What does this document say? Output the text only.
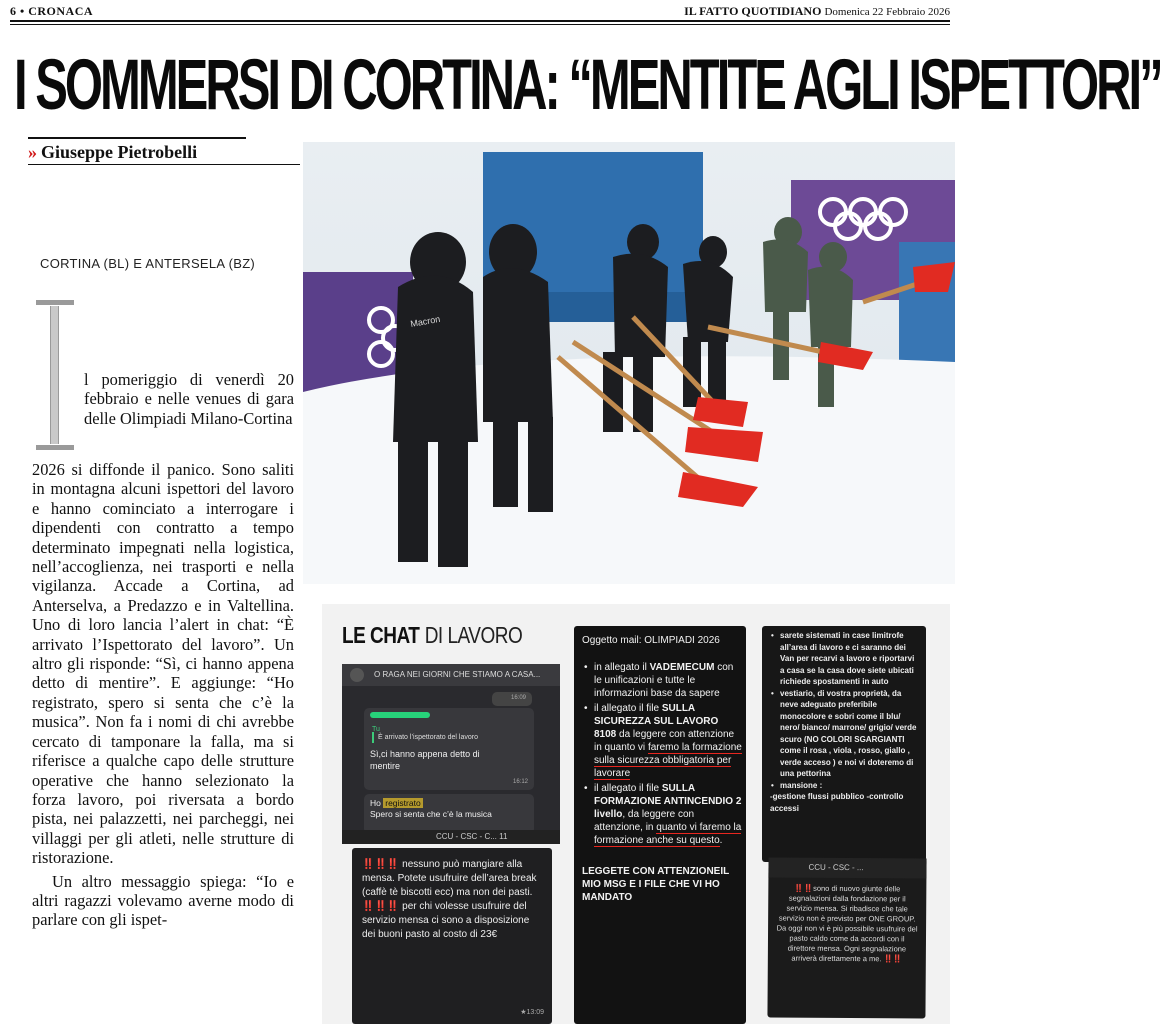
6 • CRONACA	IL FATTO QUOTIDIANO Domenica 22 Febbraio 2026
I SOMMERSI DI CORTINA: “MENTITE AGLI ISPETTORI”
» Giuseppe Pietrobelli
CORTINA (BL) E ANTERSELA (BZ)

l pomeriggio di venerdì 20 febbraio e nelle venues di gara delle Olimpiadi Milano-Cortina

2026 si diffonde il panico. Sono saliti in montagna alcuni ispettori del lavoro e hanno cominciato a interrogare i dipendenti con contratto a tempo determinato impegnati nella logistica, nell’accoglienza, nei trasporti e nella vigilanza. Accade a Cortina, ad Anterselva, a Predazzo e in Valtellina. Uno di loro lancia l’alert in chat: “È arrivato l’Ispettorato del lavoro”. Un altro gli risponde: “Sì, ci hanno appena detto di mentire”. E aggiunge: “Ho registrato, spero si senta che c’è la musica”. Non fa i nomi di chi avrebbe cercato di tamponare la falla, ma si riferisce a qualche capo delle strutture operative che hanno selezionato la forza lavoro, poi riversata a bordo pista, nei palazzetti, nei parcheggi, nei villaggi per gli atleti, nelle strutture di ristorazione.

Un altro messaggio spiega: “Io e altri ragazzi volevamo averne modo di parlare con gli ispet-

Macron
LE CHAT DI LAVORO
O RAGA NEI GIORNI CHE STIAMO A CASA...
16:09
Tu
È arrivato l’ispettorato del lavoro
Sì,ci hanno appena detto di mentire
16:12
Ho registrato
Spero si senta che c’è la musica
CCU - CSC - C... 11
‼️‼️‼️ nessuno può mangiare alla mensa. Potete usufruire dell’area break (caffè tè biscotti ecc) ma non dei pasti. ‼️‼️‼️ per chi volesse usufruire del servizio mensa ci sono a disposizione dei buoni pasto al costo di 23€
★13:09
Oggetto mail: OLIMPIADI 2026
• in allegato il VADEMECUM con le unificazioni e tutte le informazioni base da sapere
• il allegato il file SULLA SICUREZZA SUL LAVORO 8108 da leggere con attenzione in quanto vi faremo la formazione sulla sicurezza obbligatoria per lavorare
• il allegato il file SULLA FORMAZIONE ANTINCENDIO 2 livello, da leggere con attenzione, in quanto vi faremo la formazione anche su questo.
LEGGETE CON ATTENZIONEIL MIO MSG E I FILE CHE VI HO MANDATO
• sarete sistemati in case limitrofe all’area di lavoro e ci saranno dei Van per recarvi a lavoro e riportarvi a casa se la casa dove siete ubicati richiede spostamenti in auto
• vestiario, di vostra proprietà, da neve adeguato preferibile monocolore e sobri come il blu/ nero/ bianco/ marrone/ grigio/ verde scuro (NO COLORI SGARGIANTI come il rosa , viola , rosso, giallo , verde acceso ) e noi vi doteremo di una pettorina
• mansione :
-gestione flussi pubblico -controllo accessi
CCU - CSC - ...
‼️‼️sono di nuovo giunte delle segnalazioni dalla fondazione per il servizio mensa. Si ribadisce che tale servizio non è previsto per ONE GROUP. Da oggi non vi è più possibile usufruire del pasto caldo come da accordi con il direttore mensa. Ogni segnalazione arriverà direttamente a me. ‼️‼️
